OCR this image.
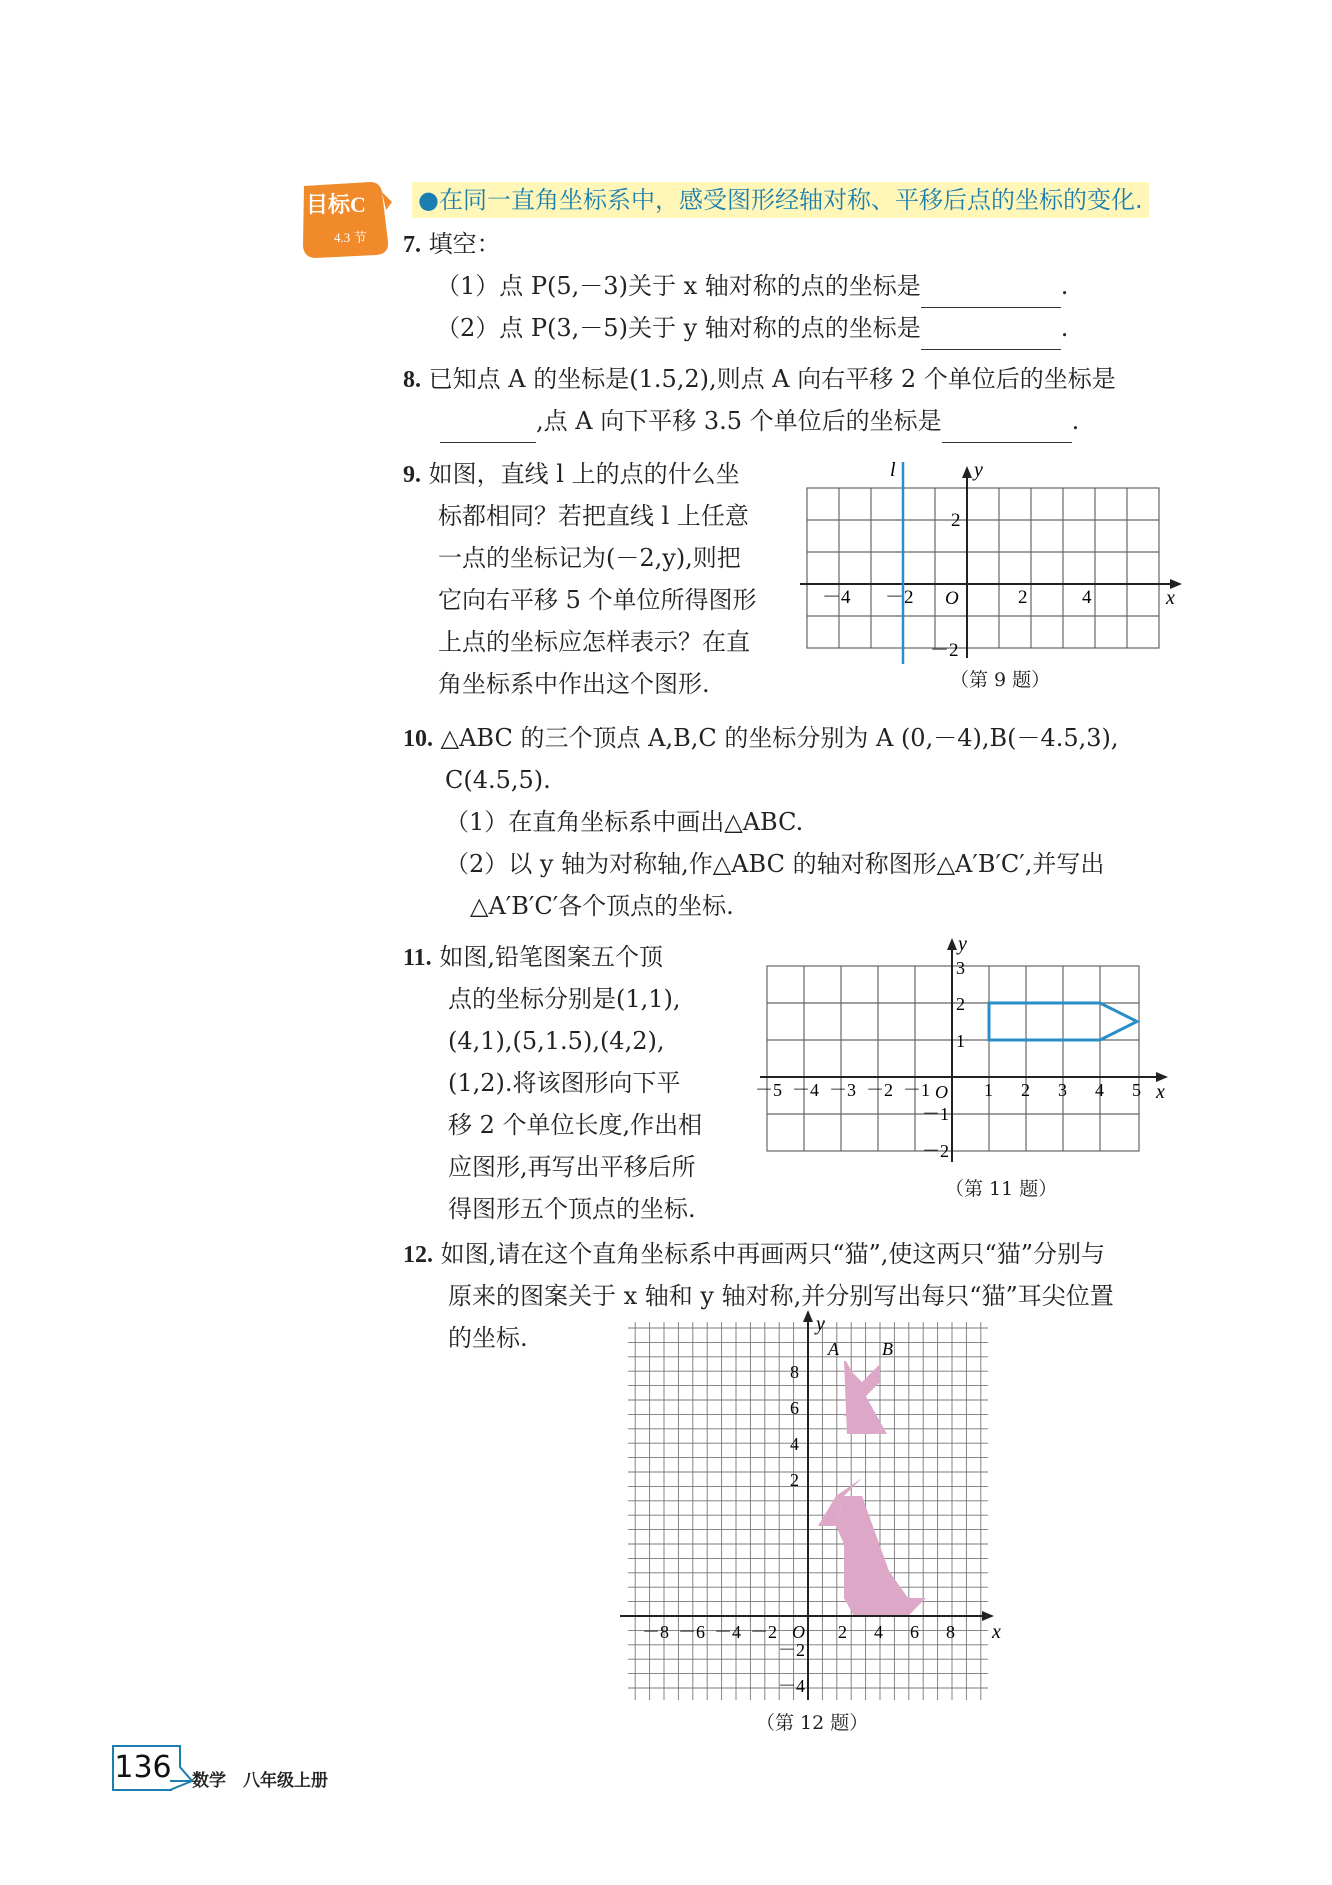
目标C
4.3 节
●在同一直角坐标系中，感受图形经轴对称、平移后点的坐标的变化.
7. 填空：
（1）点 P(5,－3)关于 x 轴对称的点的坐标是	.
（2）点 P(3,－5)关于 y 轴对称的点的坐标是	.
8. 已知点 A 的坐标是(1.5,2),则点 A 向右平移 2 个单位后的坐标是
,点 A 向下平移 3.5 个单位后的坐标是	.
9. 如图，直线 l 上的点的什么坐
标都相同？若把直线 l 上任意
一点的坐标记为(－2,y),则把
它向右平移 5 个单位所得图形
上点的坐标应怎样表示？在直
角坐标系中作出这个图形.
l	y
x
O
－4 －2	2	4
2
－2
（第 9 题）
10. △ABC 的三个顶点 A,B,C 的坐标分别为 A (0,－4),B(－4.5,3),
C(4.5,5).
（1）在直角坐标系中画出△ABC.
（2）以 y 轴为对称轴,作△ABC 的轴对称图形△A′B′C′,并写出
△A′B′C′各个顶点的坐标.
11. 如图,铅笔图案五个顶
点的坐标分别是(1,1),
(4,1),(5,1.5),(4,2),
(1,2).将该图形向下平
移 2 个单位长度,作出相
应图形,再写出平移后所
得图形五个顶点的坐标.
y
x
O
－5 －4 －3 －2 －1	1 2 3 4 5
3
2
1
－1
－2
（第 11 题）
12. 如图,请在这个直角坐标系中再画两只“猫”,使这两只“猫”分别与
原来的图案关于 x 轴和 y 轴对称,并分别写出每只“猫”耳尖位置
的坐标.	y
x
O
A B
－8 －6 －4 －2	2 4 6 8
8
6
4
2
－2
－4
（第 12 题）
136 数学　八年级上册
